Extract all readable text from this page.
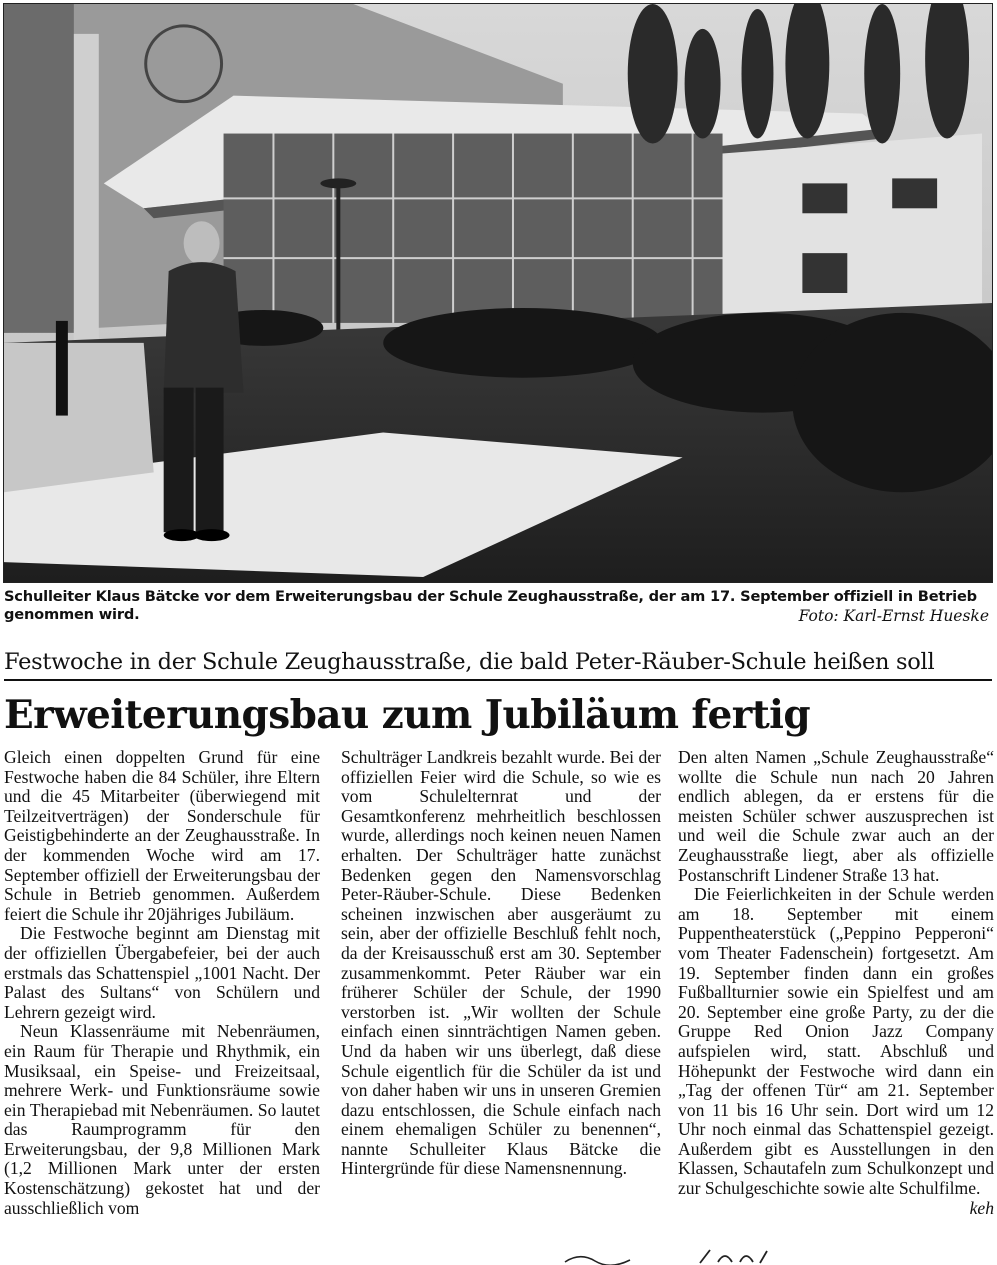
Schulleiter Klaus Bätcke vor dem Erweiterungsbau der Schule Zeughausstraße, der am 17. September offiziell in Betrieb genommen wird.	Foto: Karl-Ernst Hueske
Festwoche in der Schule Zeughausstraße, die bald Peter-Räuber-Schule heißen soll
Erweiterungsbau zum Jubiläum fertig

Gleich einen doppelten Grund für eine Festwoche haben die 84 Schüler, ihre Eltern und die 45 Mitarbeiter (überwiegend mit Teilzeitverträgen) der Sonderschule für Geistigbehinderte an der Zeughausstraße. In der kommenden Woche wird am 17. September offiziell der Erweiterungsbau der Schule in Betrieb genommen. Außerdem feiert die Schule ihr 20jähriges Jubiläum.

Die Festwoche beginnt am Dienstag mit der offiziellen Übergabefeier, bei der auch erstmals das Schattenspiel „1001 Nacht. Der Palast des Sultans“ von Schülern und Lehrern gezeigt wird.

Neun Klassenräume mit Nebenräumen, ein Raum für Therapie und Rhythmik, ein Musiksaal, ein Speise- und Freizeitsaal, mehrere Werk- und Funktionsräume sowie ein Therapiebad mit Nebenräumen. So lautet das Raumprogramm für den Erweiterungsbau, der 9,8 Millionen Mark (1,2 Millionen Mark unter der ersten Kostenschätzung) gekostet hat und der ausschließlich vom

Schulträger Landkreis bezahlt wurde. Bei der offiziellen Feier wird die Schule, so wie es vom Schulelternrat und der Gesamtkonferenz mehrheitlich beschlossen wurde, allerdings noch keinen neuen Namen erhalten. Der Schulträger hatte zunächst Bedenken gegen den Namensvorschlag Peter-Räuber-Schule. Diese Bedenken scheinen inzwischen aber ausgeräumt zu sein, aber der offizielle Beschluß fehlt noch, da der Kreisausschuß erst am 30. September zusammenkommt. Peter Räuber war ein früherer Schüler der Schule, der 1990 verstorben ist. „Wir wollten der Schule einfach einen sinnträchtigen Namen geben. Und da haben wir uns überlegt, daß diese Schule eigentlich für die Schüler da ist und von daher haben wir uns in unseren Gremien dazu entschlossen, die Schule einfach nach einem ehemaligen Schüler zu benennen“, nannte Schulleiter Klaus Bätcke die Hintergründe für diese Namensnennung.

Den alten Namen „Schule Zeughausstraße“ wollte die Schule nun nach 20 Jahren endlich ablegen, da er erstens für die meisten Schüler schwer auszusprechen ist und weil die Schule zwar auch an der Zeughausstraße liegt, aber als offizielle Postanschrift Lindener Straße 13 hat.

Die Feierlichkeiten in der Schule werden am 18. September mit einem Puppentheaterstück („Peppino Pepperoni“ vom Theater Fadenschein) fortgesetzt. Am 19. September finden dann ein großes Fußballturnier sowie ein Spielfest und am 20. September eine große Party, zu der die Gruppe Red Onion Jazz Company aufspielen wird, statt. Abschluß und Höhepunkt der Festwoche wird dann ein „Tag der offenen Tür“ am 21. September von 11 bis 16 Uhr sein. Dort wird um 12 Uhr noch einmal das Schattenspiel gezeigt. Außerdem gibt es Ausstellungen in den Klassen, Schautafeln zum Schulkonzept und zur Schulgeschichte sowie alte Schulfilme.
keh
